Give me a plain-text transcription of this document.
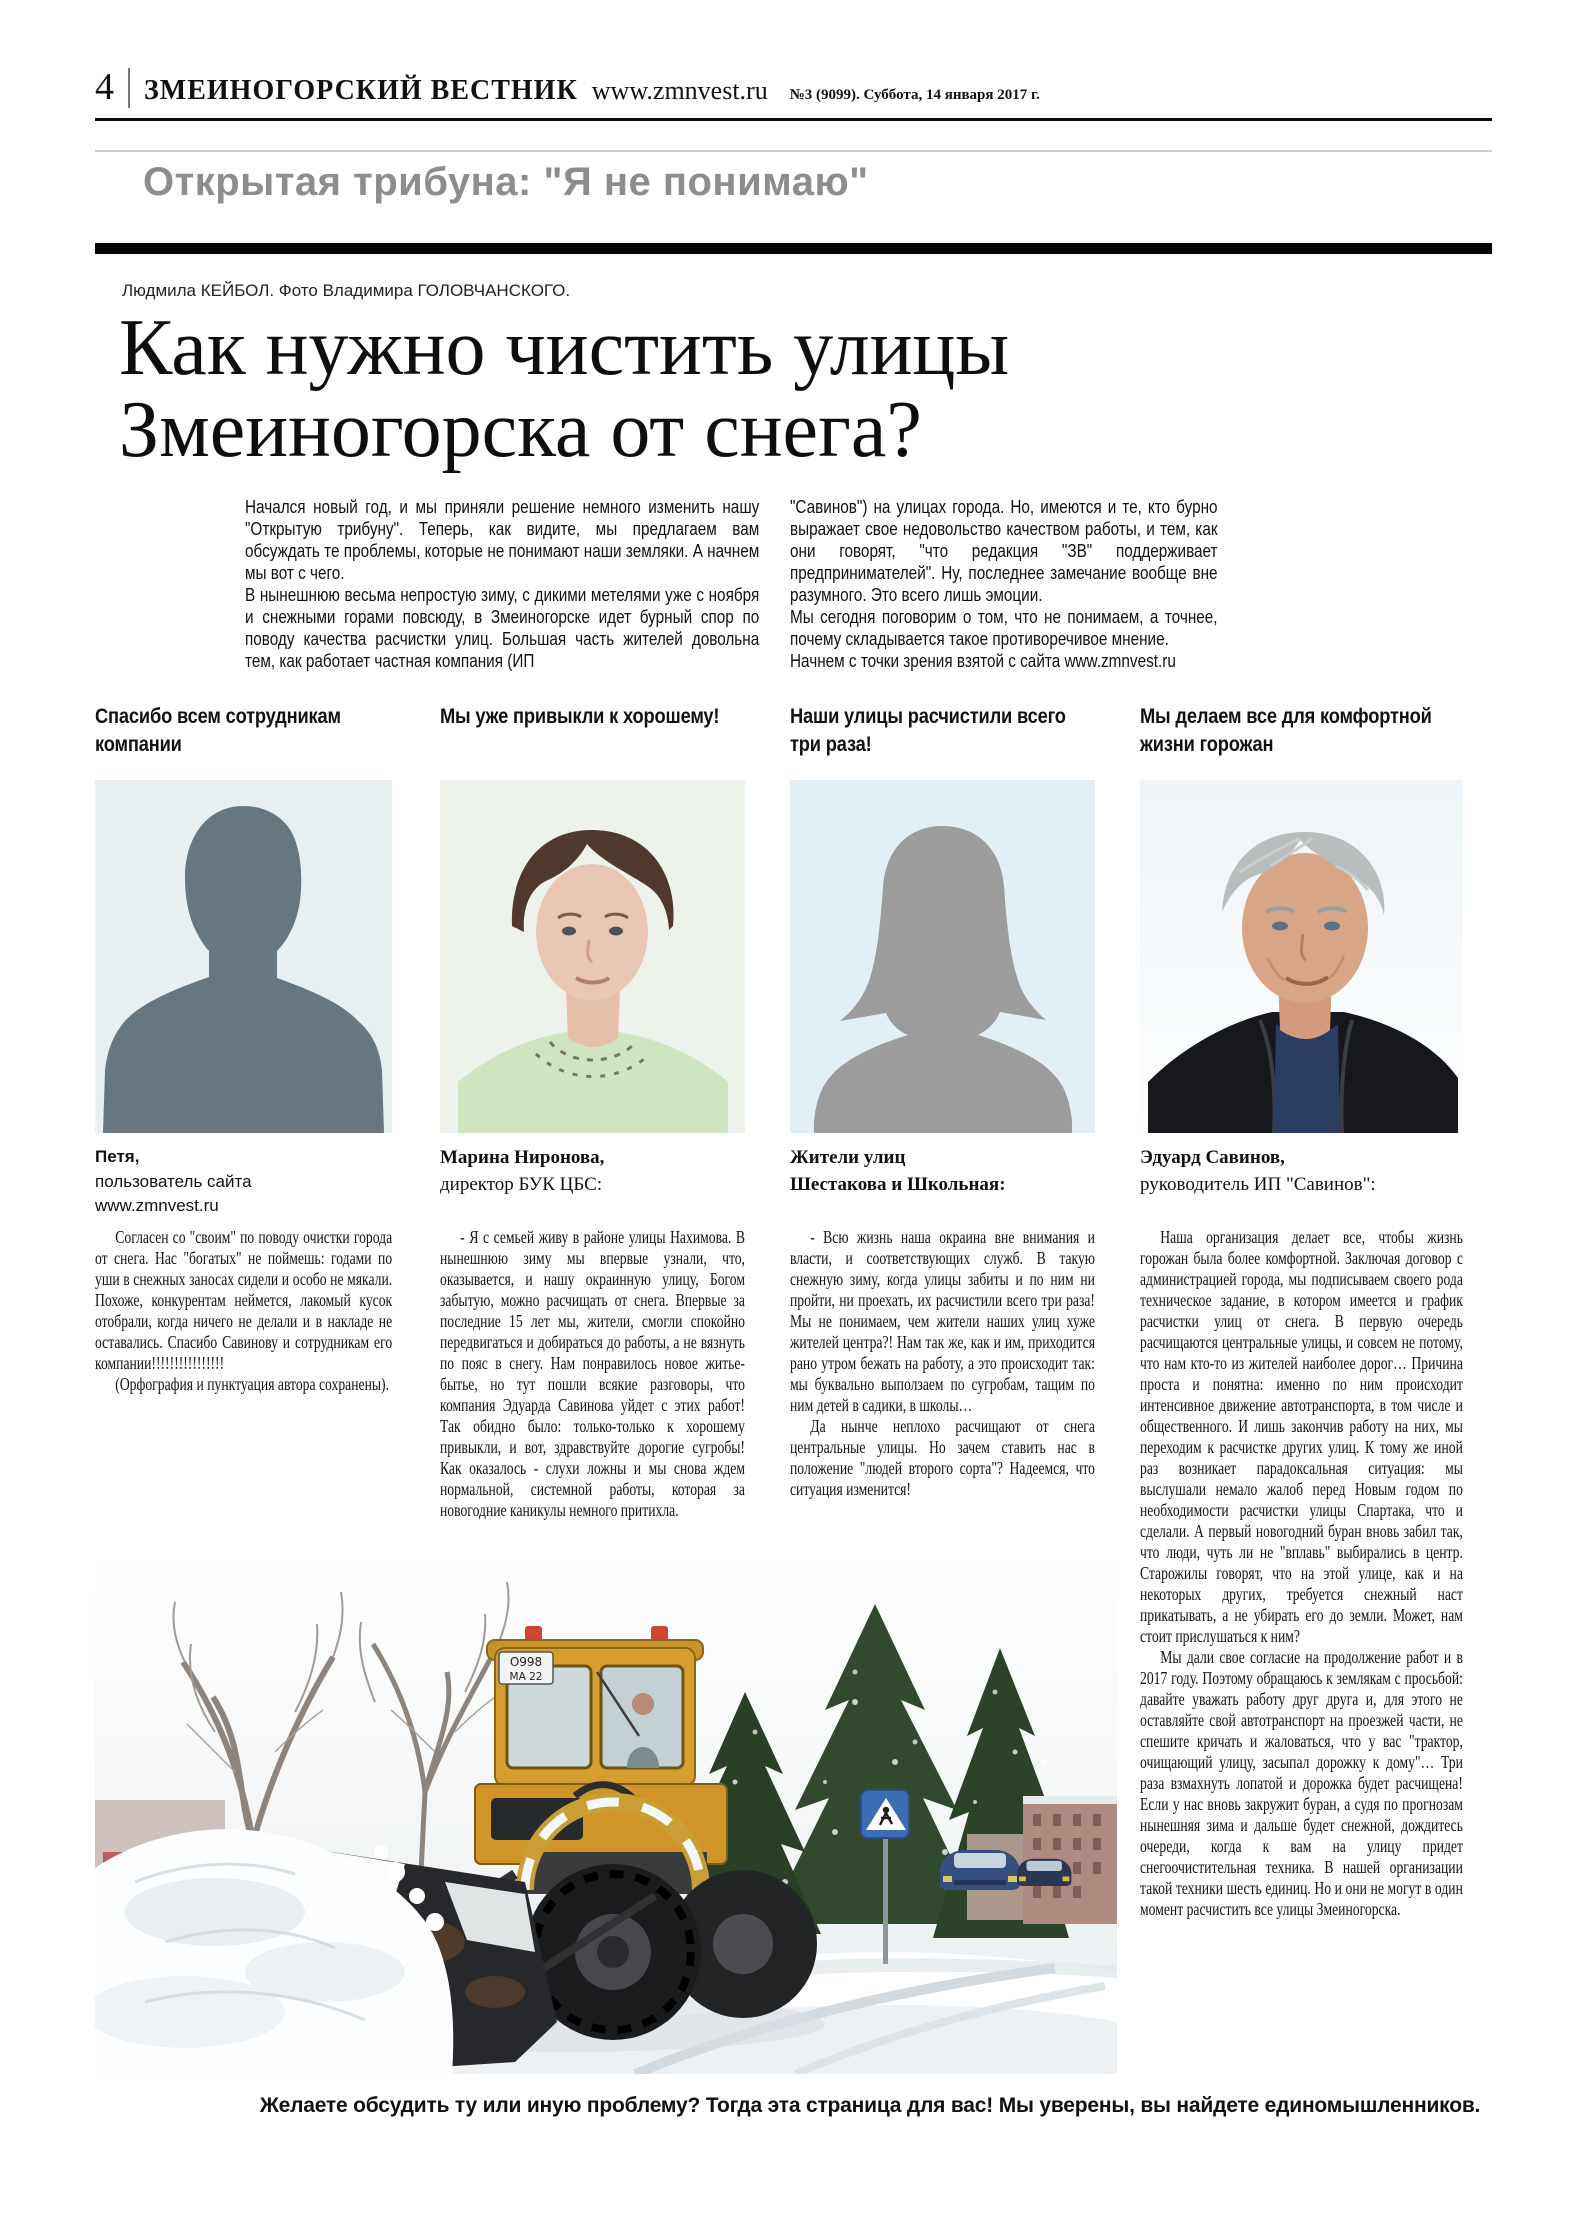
4 ЗМЕИНОГОРСКИЙ ВЕСТНИК www.zmnvest.ru	№3 (9099). Суббота, 14 января 2017 г.
Открытая трибуна: "Я не понимаю"
Людмила КЕЙБОЛ. Фото Владимира ГОЛОВЧАНСКОГО.
Как нужно чистить улицы
Змеиногорска от снега?

Начался новый год, и мы приняли решение немного изменить нашу "Открытую трибуну". Теперь, как видите, мы предлагаем вам обсуждать те проблемы, которые не понимают наши земляки. А начнем мы вот с чего.

В нынешнюю весьма непростую зиму, с дикими метелями уже с ноября и снежными горами повсюду, в Змеиногорске идет бурный спор по поводу качества расчистки улиц. Большая часть жителей довольна тем, как работает частная компания (ИП

"Савинов") на улицах города. Но, имеются и те, кто бурно выражает свое недовольство качеством работы, и тем, как они говорят, "что редакция "ЗВ" поддерживает предпринимателей". Ну, последнее замечание вообще вне разумного. Это всего лишь эмоции.

Мы сегодня поговорим о том, что не понимаем, а точнее, почему складывается такое противоречивое мнение.

Начнем с точки зрения взятой с сайта www.zmnvest.ru

Спасибо всем сотрудникам компании
Петя,
пользователь сайта
www.zmnvest.ru

Согласен со "своим" по поводу очистки города от снега. Нас "богатых" не поймешь: годами по уши в снежных заносах сидели и особо не мякали. Похоже, конкурентам неймется, лакомый кусок отобрали, когда ничего не делали и в накладе не оставались. Спасибо Савинову и сотрудникам его компании!!!!!!!!!!!!!!!!

(Орфография и пунктуация автора сохранены).

Мы уже привыкли к хорошему!
Марина Ниронова,
директор БУК ЦБС:

- Я с семьей живу в районе улицы Нахимова. В нынешнюю зиму мы впервые узнали, что, оказывается, и нашу окраинную улицу, Богом забытую, можно расчищать от снега. Впервые за последние 15 лет мы, жители, смогли спокойно передвигаться и добираться до работы, а не вязнуть по пояс в снегу. Нам понравилось новое житье-бытье, но тут пошли всякие разговоры, что компания Эдуарда Савинова уйдет с этих работ! Так обидно было: только-только к хорошему привыкли, и вот, здравствуйте дорогие сугробы! Как оказалось - слухи ложны и мы снова ждем нормальной, системной работы, которая за новогодние каникулы немного притихла.

Наши улицы расчистили всего три раза!
Жители улиц
Шестакова и Школьная:

- Всю жизнь наша окраина вне внимания и власти, и соответствующих служб. В такую снежную зиму, когда улицы забиты и по ним ни пройти, ни проехать, их расчистили всего три раза! Мы не понимаем, чем жители наших улиц хуже жителей центра?! Нам так же, как и им, приходится рано утром бежать на работу, а это происходит так: мы буквально выползаем по сугробам, тащим по ним детей в садики, в школы…

Да нынче неплохо расчищают от снега центральные улицы. Но зачем ставить нас в положение "людей второго сорта"? Надеемся, что ситуация изменится!

Мы делаем все для комфортной жизни горожан
Эдуард Савинов,
руководитель ИП "Савинов":

Наша организация делает все, чтобы жизнь горожан была более комфортной. Заключая договор с администрацией города, мы подписываем своего рода техническое задание, в котором имеется и график расчистки улиц от снега. В первую очередь расчищаются центральные улицы, и совсем не потому, что нам кто-то из жителей наиболее дорог… Причина проста и понятна: именно по ним происходит интенсивное движение автотранспорта, в том числе и общественного. И лишь закончив работу на них, мы переходим к расчистке других улиц. К тому же иной раз возникает парадоксальная ситуация: мы выслушали немало жалоб перед Новым годом по необходимости расчистки улицы Спартака, что и сделали. А первый новогодний буран вновь забил так, что люди, чуть ли не "вплавь" выбирались в центр. Старожилы говорят, что на этой улице, как и на некоторых других, требуется снежный наст прикатывать, а не убирать его до земли. Может, нам стоит прислушаться к ним?

Мы дали свое согласие на продолжение работ и в 2017 году. Поэтому обращаюсь к землякам с просьбой: давайте уважать работу друг друга и, для этого не оставляйте свой автотранспорт на проезжей части, не спешите кричать и жаловаться, что у вас "трактор, очищающий улицу, засыпал дорожку к дому"… Три раза взмахнуть лопатой и дорожка будет расчищена! Если у нас вновь закружит буран, а судя по прогнозам нынешняя зима и дальше будет снежной, дождитесь очереди, когда к вам на улицу придет снегоочистительная техника. В нашей организации такой техники шесть единиц. Но и они не могут в один момент расчистить все улицы Змеиногорска.

О998
МА 22
Желаете обсудить ту или иную проблему? Тогда эта страница для вас! Мы уверены, вы найдете единомышленников.
